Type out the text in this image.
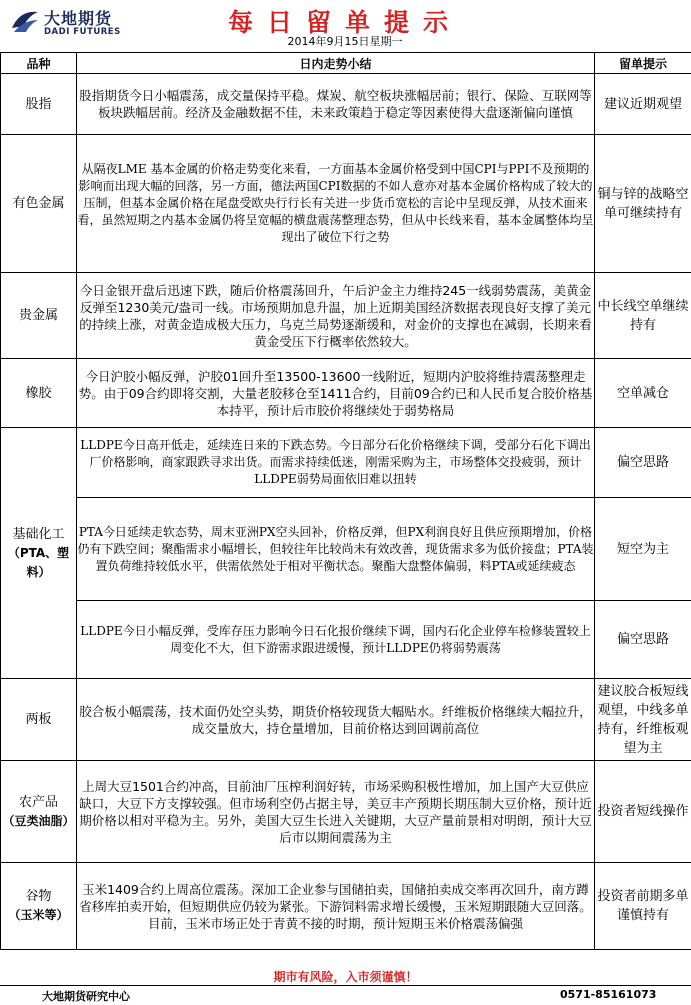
大地期货
DADI FUTURES	每日留单提示
2014年9月15日星期一
品种	日内走势小结	留单提示
股指	股指期货今日小幅震荡，成交量保持平稳。煤炭、航空板块涨幅居前；银行、保险、互联网等板块跌幅居前。经济及金融数据不佳，未来政策趋于稳定等因素使得大盘逐渐偏向谨慎	建议近期观望
有色金属	从隔夜LME 基本金属的价格走势变化来看，一方面基本金属价格受到中国CPI与PPI不及预期的影响而出现大幅的回落，另一方面，德法两国CPI数据的不如人意亦对基本金属价格构成了较大的压制，但基本金属价格在尾盘受欧央行行长有关进一步货币宽松的言论中呈现反弹，从技术面来看，虽然短期之内基本金属仍将呈宽幅的横盘震荡整理态势，但从中长线来看，基本金属整体均呈现出了破位下行之势	铜与锌的战略空单可继续持有
贵金属	今日金银开盘后迅速下跌，随后价格震荡回升，午后沪金主力维持245一线弱势震荡，美黄金反弹至1230美元/盎司一线。市场预期加息升温，加上近期美国经济数据表现良好支撑了美元的持续上涨，对黄金造成极大压力，乌克兰局势逐渐缓和，对金价的支撑也在减弱，长期来看黄金受压下行概率依然较大。	中长线空单继续持有
橡胶	今日沪胶小幅反弹，沪胶01回升至13500-13600一线附近，短期内沪胶将维持震荡整理走势。由于09合约即将交割，大量老胶移仓至1411合约，目前09合约已和人民币复合胶价格基本持平，预计后市胶价将继续处于弱势格局	空单减仓
基础化工
（PTA、塑料）	LLDPE今日高开低走，延续连日来的下跌态势。今日部分石化价格继续下调，受部分石化下调出厂价格影响，商家跟跌寻求出货。而需求持续低迷，刚需采购为主，市场整体交投疲弱，预计LLDPE弱势局面依旧难以扭转	偏空思路
	PTA今日延续走软态势，周末亚洲PX空头回补，价格反弹，但PX利润良好且供应预期增加，价格仍有下跌空间；聚酯需求小幅增长，但较往年比较尚未有效改善，现货需求多为低价接盘；PTA装置负荷维持较低水平，供需依然处于相对平衡状态。聚酯大盘整体偏弱，料PTA或延续疲态	短空为主
	LLDPE今日小幅反弹，受库存压力影响今日石化报价继续下调，国内石化企业停车检修装置较上周变化不大，但下游需求跟进缓慢，预计LLDPE仍将弱势震荡	偏空思路
两板	胶合板小幅震荡，技术面仍处空头势，期货价格较现货大幅贴水。纤维板价格继续大幅拉升，成交量放大，持仓量增加，目前价格达到回调前高位	建议胶合板短线观望，中线多单持有，纤维板观望为主
农产品
（豆类油脂）	上周大豆1501合约冲高，目前油厂压榨利润好转，市场采购积极性增加，加上国产大豆供应缺口，大豆下方支撑较强。但市场利空仍占据主导，美豆丰产预期长期压制大豆价格，预计近期价格以相对平稳为主。另外，美国大豆生长进入关键期，大豆产量前景相对明朗，预计大豆后市以期间震荡为主	投资者短线操作
谷物
（玉米等）	玉米1409合约上周高位震荡。深加工企业参与国储拍卖，国储拍卖成交率再次回升，南方蹲省移库拍卖开始，但短期供应仍较为紧张。下游饲料需求增长缓慢，玉米短期跟随大豆回落。目前，玉米市场正处于青黄不接的时期，预计短期玉米价格震荡偏强	投资者前期多单谨慎持有
期市有风险，入市须谨慎！
大地期货研究中心	0571-85161073
